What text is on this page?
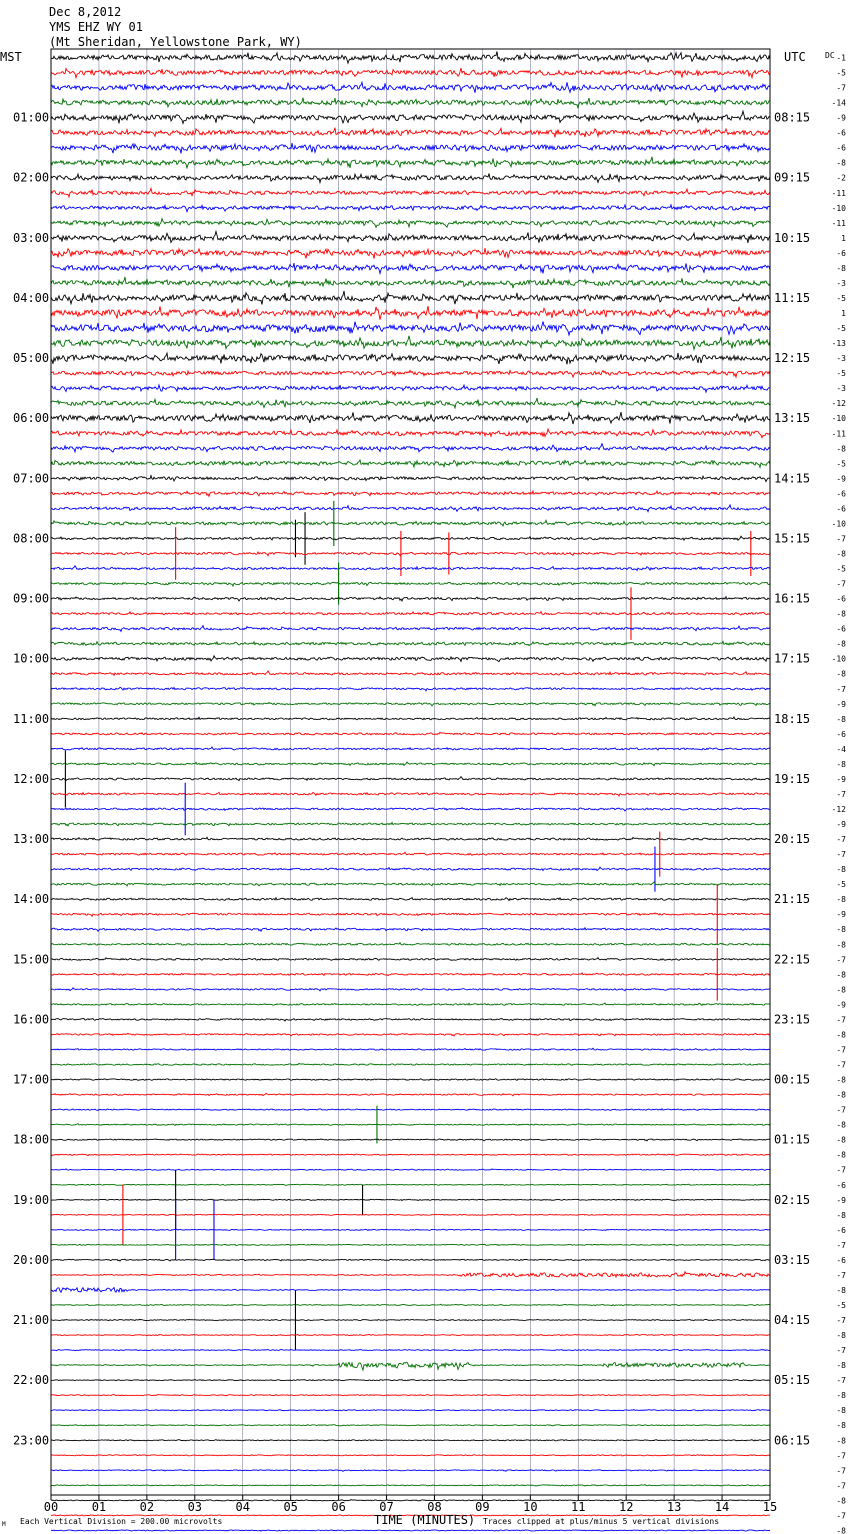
Dec 8,2012
YMS EHZ WY 01
(Mt Sheridan, Yellowstone Park, WY)
MST	UTC DC
01:00
02:00
03:00
04:00
05:00
06:00
07:00
08:00
09:00
10:00
11:00
12:00
13:00
14:00
15:00
16:00
17:00
18:00
19:00
20:00
21:00
22:00
23:00
08:15
09:15
10:15
11:15
12:15
13:15
14:15
15:15
16:15
17:15
18:15
19:15
20:15
21:15
22:15
23:15
00:15
01:15
02:15
03:15
04:15
05:15
06:15
-1
-5
-7
-14
-9
-6
-6
-8
-2
-11
-10
-11
1
-6
-8
-3
-5
1
-5
-13
-3
-5
-3
-12
-10
-11
-8
-5
-9
-6
-6
-10
-7
-8
-5
-7
-6
-8
-6
-8
-10
-8
-7
-9
-8
-6
-4
-8
-9
-7
-12
-9
-7
-7
-8
-5
-8
-9
-8
-8
-7
-8
-8
-9
-7
-8
-7
-7
-8
-8
-7
-8
-8
-8
-7
-6
-9
-8
-6
-7
-6
-7
-8
-5
-7
-8
-7
-8
-7
-8
-8
-8
-8
-7
-7
-7
-8
-7
-8
00	01	02	03	04	05	06	07	08	09	10	11	12	13	14	15
TIME (MINUTES)
Each Vertical Division = 200.00 microvolts	Traces clipped at plus/minus 5 vertical divisions
M
